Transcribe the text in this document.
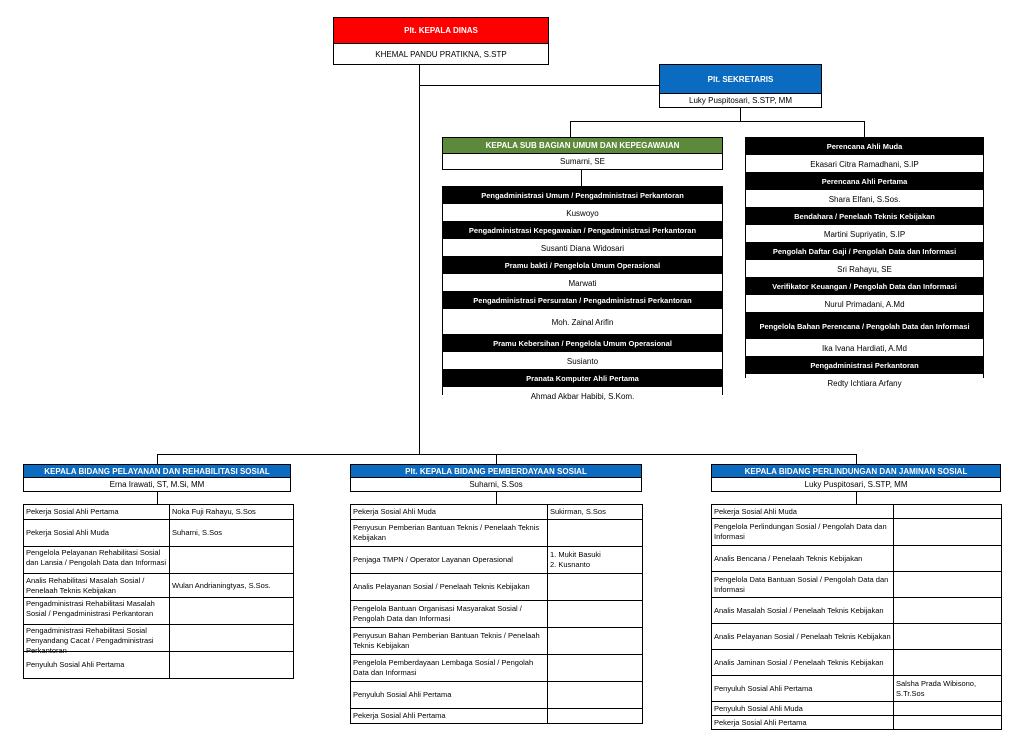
Plt. KEPALA DINAS
KHEMAL PANDU PRATIKNA, S.STP
Plt. SEKRETARIS
Luky Puspitosari, S.STP, MM
KEPALA SUB BAGIAN UMUM DAN KEPEGAWAIAN
Sumarni, SE
Pengadministrasi Umum / Pengadministrasi Perkantoran
Kuswoyo
Pengadministrasi Kepegawaian / Pengadministrasi Perkantoran
Susanti Diana Widosari
Pramu bakti / Pengelola Umum Operasional
Marwati
Pengadministrasi Persuratan / Pengadministrasi Perkantoran
Moh. Zainal Arifin
Pramu Kebersihan / Pengelola Umum Operasional
Susianto
Pranata Komputer Ahli Pertama
Ahmad Akbar Habibi, S.Kom.
Perencana Ahli Muda
Ekasari Citra Ramadhani, S.IP
Perencana Ahli Pertama
Shara Elfani, S.Sos.
Bendahara / Penelaah Teknis Kebijakan
Martini Supriyatin, S.IP
Pengolah Daftar Gaji / Pengolah Data dan Informasi
Sri Rahayu, SE
Verifikator Keuangan / Pengolah Data dan Informasi
Nurul Primadani, A.Md
Pengelola Bahan Perencana / Pengolah Data dan Informasi
Ika Ivana Hardiati, A.Md
Pengadministrasi Perkantoran
Redty Ichtiara Arfany
KEPALA BIDANG PELAYANAN DAN REHABILITASI SOSIAL
Erna Irawati, ST, M.Si, MM
Pekerja Sosial Ahli Pertama	Noka Fuji Rahayu, S.Sos
Pekerja Sosial Ahli Muda	Suharni, S.Sos

Pengelola Pelayanan Rehabilitasi Sosial dan Lansia / Pengolah Data dan Informasi	

Analis Rehabilitasi Masalah Sosial / Penelaah Teknis Kebijakan	Wulan Andrianingtyas, S.Sos.

Pengadministrasi Rehabilitasi Masalah Sosial / Pengadministrasi Perkantoran	

Pengadministrasi Rehabilitasi Sosial Penyandang Cacat / Pengadministrasi Perkantoran	

Penyuluh Sosial Ahli Pertama	
Plt. KEPALA BIDANG PEMBERDAYAAN SOSIAL
Suharni, S.Sos
Pekerja Sosial Ahli Muda	Sukirman, S.Sos
Penyusun Pemberian Bantuan Teknis / Penelaah Teknis Kebijakan	
Penjaga TMPN / Operator Layanan Operasional	1. Mukit Basuki
2. Kusnanto
Analis Pelayanan Sosial / Penelaah Teknis Kebijakan	
Pengelola Bantuan Organisasi Masyarakat Sosial / Pengolah Data dan Informasi	
Penyusun Bahan Pemberian Bantuan Teknis / Penelaah Teknis Kebijakan	
Pengelola Pemberdayaan Lembaga Sosial / Pengolah Data dan Informasi	
Penyuluh Sosial Ahli Pertama	
Pekerja Sosial Ahli Pertama	
KEPALA BIDANG PERLINDUNGAN DAN JAMINAN SOSIAL
Luky Puspitosari, S.STP, MM
Pekerja Sosial Ahli Muda	
Pengelola Perlindungan Sosial / Pengolah Data dan Informasi	
Analis Bencana / Penelaah Teknis Kebijakan	
Pengelola Data Bantuan Sosial / Pengolah Data dan Informasi	
Analis Masalah Sosial / Penelaah Teknis Kebijakan	
Analis Pelayanan Sosial / Penelaah Teknis Kebijakan	
Analis Jaminan Sosial / Penelaah Teknis Kebijakan	
Penyuluh Sosial Ahli Pertama	Salsha Prada Wibisono, S.Tr.Sos
Penyuluh Sosial Ahli Muda	
Pekerja Sosial Ahli Pertama	
